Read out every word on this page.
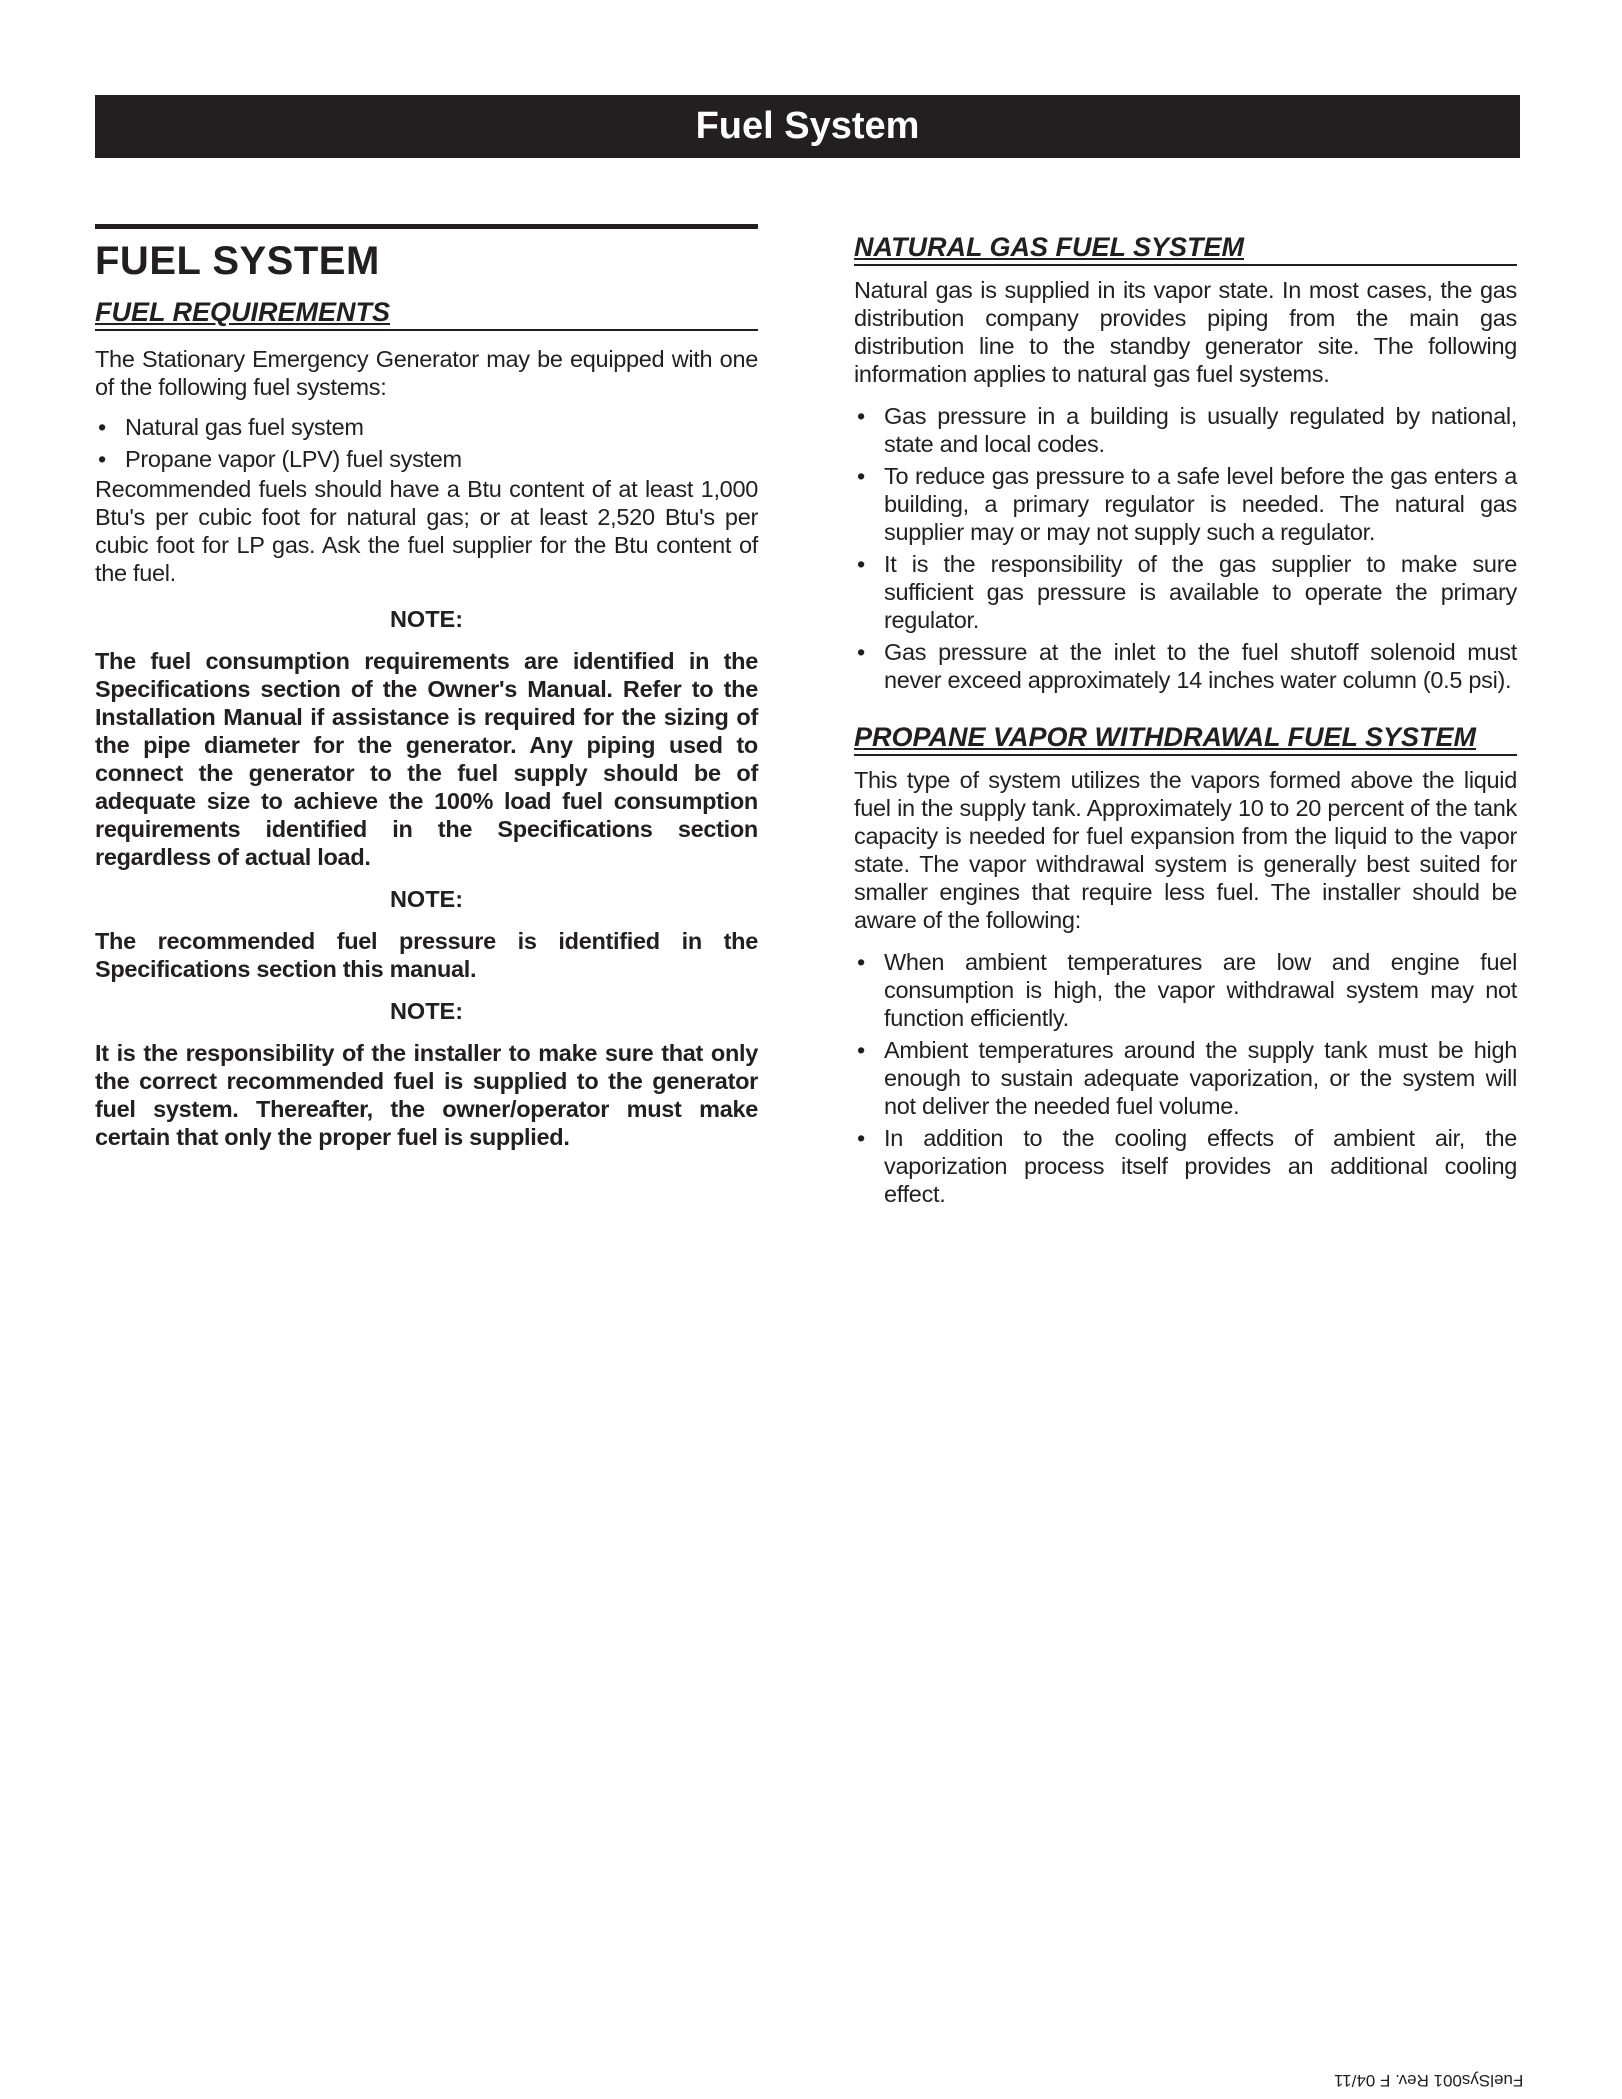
Fuel System
FUEL SYSTEM
FUEL REQUIREMENTS

The Stationary Emergency Generator may be equipped with one of the following fuel systems:

• Natural gas fuel system
• Propane vapor (LPV) fuel system

Recommended fuels should have a Btu content of at least 1,000 Btu's per cubic foot for natural gas; or at least 2,520 Btu's per cubic foot for LP gas. Ask the fuel supplier for the Btu content of the fuel.

NOTE:

The fuel consumption requirements are identified in the Specifications section of the Owner's Manual. Refer to the Installation Manual if assistance is required for the sizing of the pipe diameter for the generator. Any piping used to connect the generator to the fuel supply should be of adequate size to achieve the 100% load fuel consumption requirements identified in the Specifications section regardless of actual load.

NOTE:

The recommended fuel pressure is identified in the Specifications section this manual.

NOTE:

It is the responsibility of the installer to make sure that only the correct recommended fuel is supplied to the generator fuel system. Thereafter, the owner/operator must make certain that only the proper fuel is supplied.

NATURAL GAS FUEL SYSTEM

Natural gas is supplied in its vapor state. In most cases, the gas distribution company provides piping from the main gas distribution line to the standby generator site. The following information applies to natural gas fuel systems.

• Gas pressure in a building is usually regulated by national, state and local codes.
• To reduce gas pressure to a safe level before the gas enters a building, a primary regulator is needed. The natural gas supplier may or may not supply such a regulator.
• It is the responsibility of the gas supplier to make sure sufficient gas pressure is available to operate the primary regulator.
• Gas pressure at the inlet to the fuel shutoff solenoid must never exceed approximately 14 inches water column (0.5 psi).
PROPANE VAPOR WITHDRAWAL FUEL SYSTEM

This type of system utilizes the vapors formed above the liquid fuel in the supply tank. Approximately 10 to 20 percent of the tank capacity is needed for fuel expansion from the liquid to the vapor state. The vapor withdrawal system is generally best suited for smaller engines that require less fuel. The installer should be aware of the following:

• When ambient temperatures are low and engine fuel consumption is high, the vapor withdrawal system may not function efficiently.
• Ambient temperatures around the supply tank must be high enough to sustain adequate vaporization, or the system will not deliver the needed fuel volume.
• In addition to the cooling effects of ambient air, the vaporization process itself provides an additional cooling effect.
FuelSys001 Rev. F 04/11
